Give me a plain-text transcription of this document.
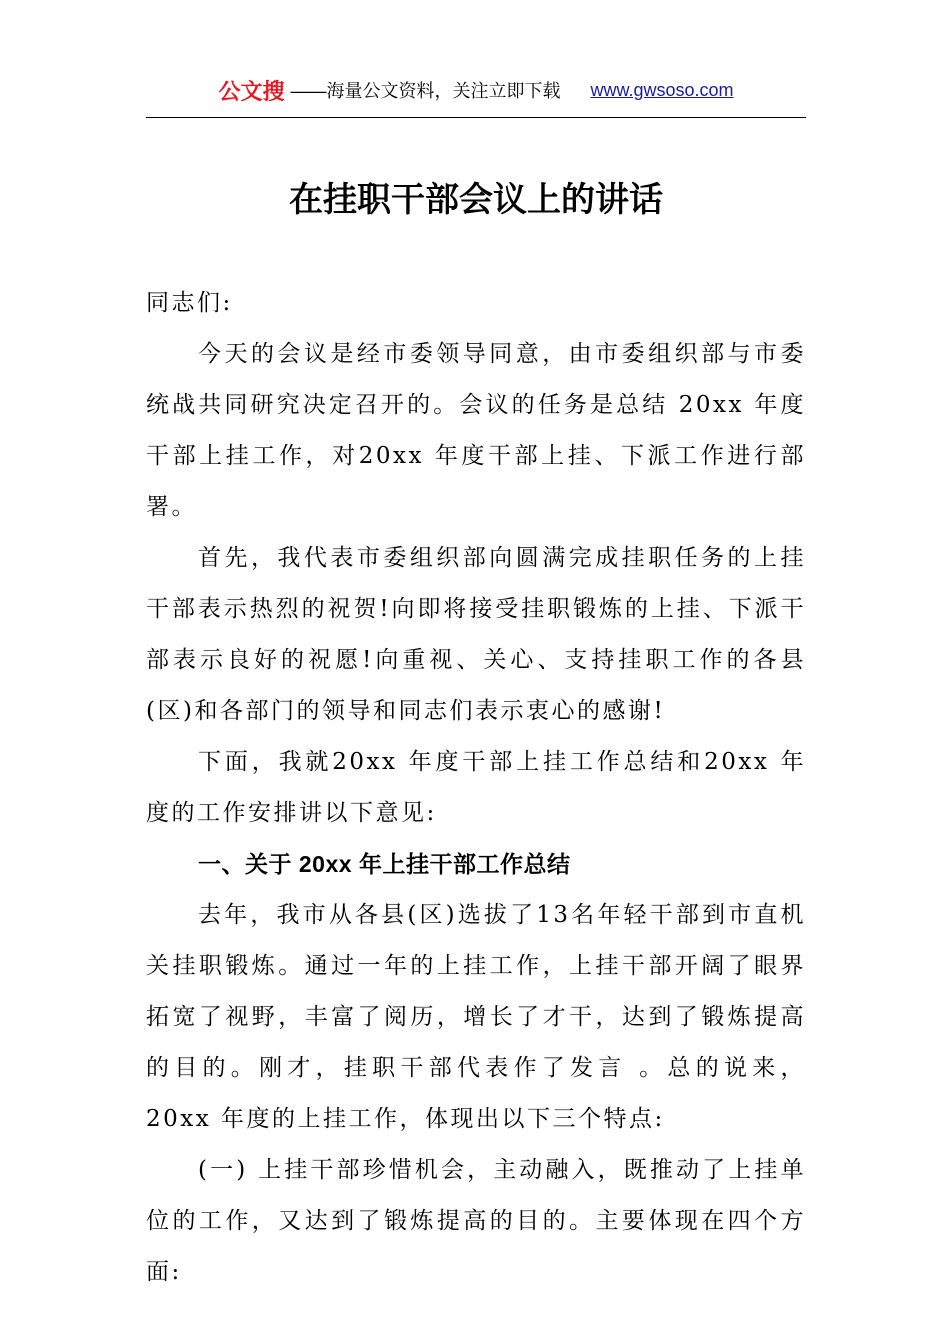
公文搜 ——海量公文资料，关注立即下载 www.gwsoso.com
在挂职干部会议上的讲话

同志们:

今天的会议是经市委领导同意，由市委组织部与市委统战共同研究决定召开的。会议的任务是总结 20xx 年度干部上挂工作，对20xx 年度干部上挂、下派工作进行部署。

首先，我代表市委组织部向圆满完成挂职任务的上挂干部表示热烈的祝贺!向即将接受挂职锻炼的上挂、下派干部表示良好的祝愿!向重视、关心、支持挂职工作的各县(区)和各部门的领导和同志们表示衷心的感谢!

下面，我就20xx 年度干部上挂工作总结和20xx 年度的工作安排讲以下意见:

一、关于 20xx 年上挂干部工作总结

去年，我市从各县(区)选拔了13名年轻干部到市直机关挂职锻炼。通过一年的上挂工作，上挂干部开阔了眼界拓宽了视野，丰富了阅历，增长了才干，达到了锻炼提高的目的。刚才，挂职干部代表作了发言 。总的说来，20xx 年度的上挂工作，体现出以下三个特点:

(一) 上挂干部珍惜机会，主动融入，既推动了上挂单位的工作，又达到了锻炼提高的目的。主要体现在四个方面:
